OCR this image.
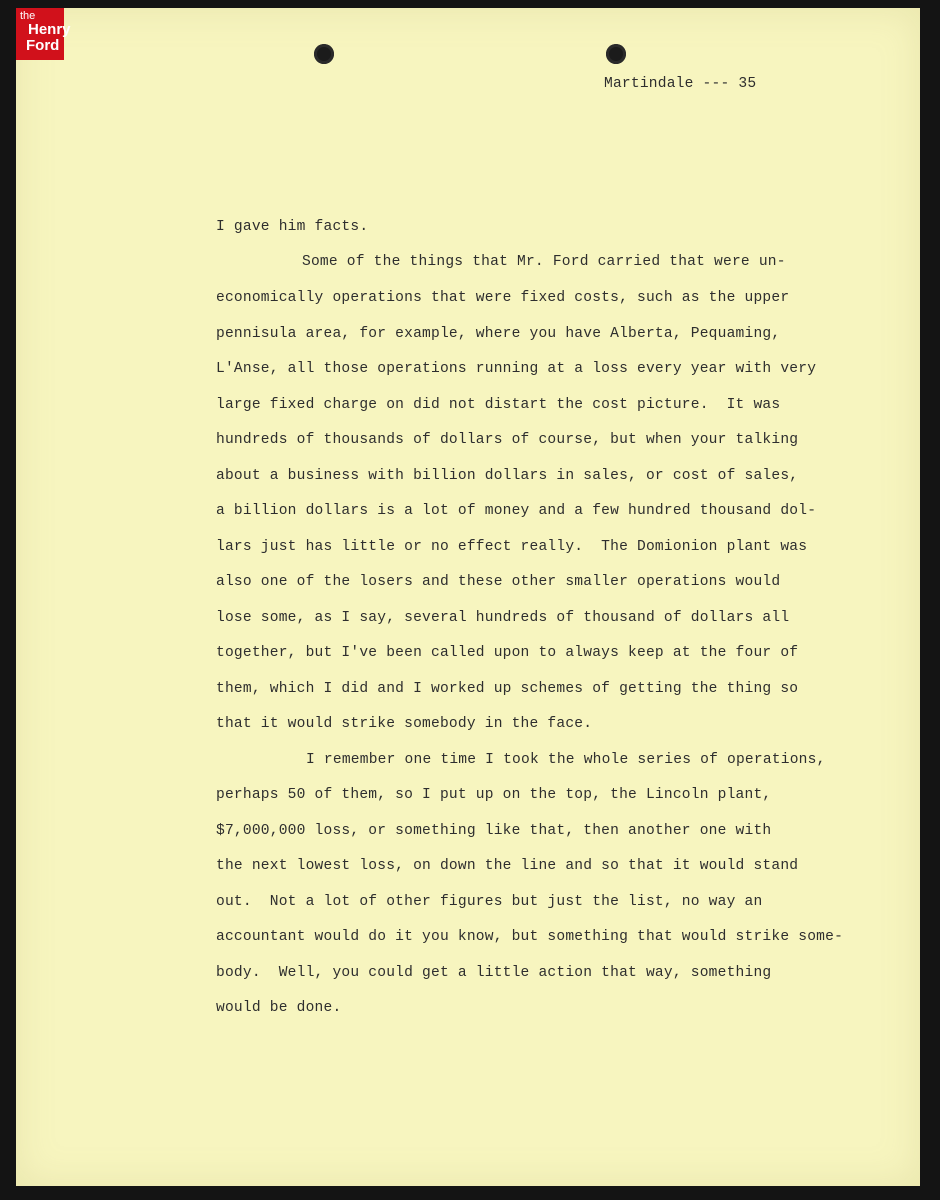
the
Henry
Ford
Martindale --- 35
I gave him facts.
Some of the things that Mr. Ford carried that were un-
economically operations that were fixed costs, such as the upper
pennisula area, for example, where you have Alberta, Pequaming,
L'Anse, all those operations running at a loss every year with very
large fixed charge on did not distart the cost picture.  It was
hundreds of thousands of dollars of course, but when your talking
about a business with billion dollars in sales, or cost of sales,
a billion dollars is a lot of money and a few hundred thousand dol-
lars just has little or no effect really.  The Domionion plant was
also one of the losers and these other smaller operations would
lose some, as I say, several hundreds of thousand of dollars all
together, but I've been called upon to always keep at the four of
them, which I did and I worked up schemes of getting the thing so
that it would strike somebody in the face.
I remember one time I took the whole series of operations,
perhaps 50 of them, so I put up on the top, the Lincoln plant,
$7,000,000 loss, or something like that, then another one with
the next lowest loss, on down the line and so that it would stand
out.  Not a lot of other figures but just the list, no way an
accountant would do it you know, but something that would strike some-
body.  Well, you could get a little action that way, something
would be done.
